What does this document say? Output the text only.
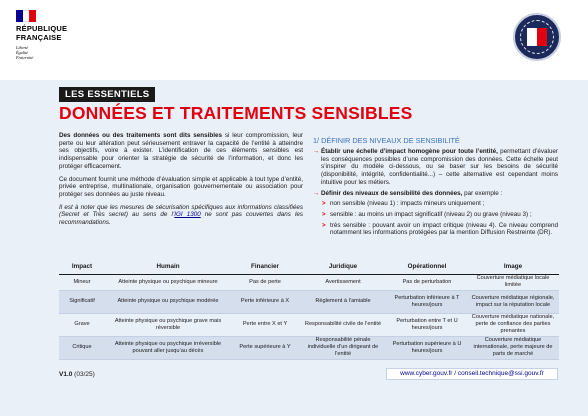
RÉPUBLIQUE
FRANÇAISE
Liberté
Égalité
Fraternité
LES ESSENTIELS
DONNÉES ET TRAITEMENTS SENSIBLES

Des données ou des traitements sont dits sensibles si leur compromission, leur perte ou leur altération peut sérieusement entraver la capacité de l’entité à atteindre ses objectifs, voire à exister. L’identification de ces éléments sensibles est indispensable pour orienter la stratégie de sécurité de l’information, et donc les protéger efficacement.

Ce document fournit une méthode d’évaluation simple et applicable à tout type d’entité, privée entreprise, multinationale, organisation gouvernementale ou association pour protéger ses données au juste niveau.

Il est à noter que les mesures de sécurisation spécifiques aux informations classifiées (Secret et Très secret) au sens de l’IGI 1300 ne sont pas couvertes dans les recommandations.

1/ DÉFINIR DES NIVEAUX DE SENSIBILITÉ
→ Établir une échelle d’impact homogène pour toute l’entité, permettant d’évaluer les conséquences possibles d’une compromission des données. Cette échelle peut s’inspirer du modèle ci-dessous, ou se baser sur les besoins de sécurité (disponibilité, intégrité, confidentialité...) – cette alternative est cependant moins intuitive pour les métiers.
→ Définir des niveaux de sensibilité des données, par exemple :
> non sensible (niveau 1) : impacts mineurs uniquement ;
> sensible : au moins un impact significatif (niveau 2) ou grave (niveau 3) ;
> très sensible : pouvant avoir un impact critique (niveau 4). Ce niveau comprend notamment les informations protégées par la mention Diffusion Restreinte (DR).
Impact	Humain	Financier	Juridique	Opérationnel	Image
Mineur	Atteinte physique ou psychique mineure	Pas de perte	Avertissement	Pas de perturbation	Couverture médiatique locale limitée
Significatif	Atteinte physique ou psychique modérée	Perte inférieure à X	Règlement à l’amiable	Perturbation inférieure à T heures/jours	Couverture médiatique régionale, impact sur la réputation locale
Grave	Atteinte physique ou psychique grave mais réversible	Perte entre X et Y	Responsabilité civile de l’entité	Perturbation entre T et U heures/jours	Couverture médiatique nationale, perte de confiance des parties prenantes
Critique	Atteinte physique ou psychique irréversible pouvant aller jusqu’au décès	Perte supérieure à Y	Responsabilité pénale individuelle d’un dirigeant de l’entité	Perturbation supérieure à U heures/jours	Couverture médiatique internationale, perte majeure de parts de marché
V1.0 (03/25)	www.cyber.gouv.fr / conseil.technique@ssi.gouv.fr
